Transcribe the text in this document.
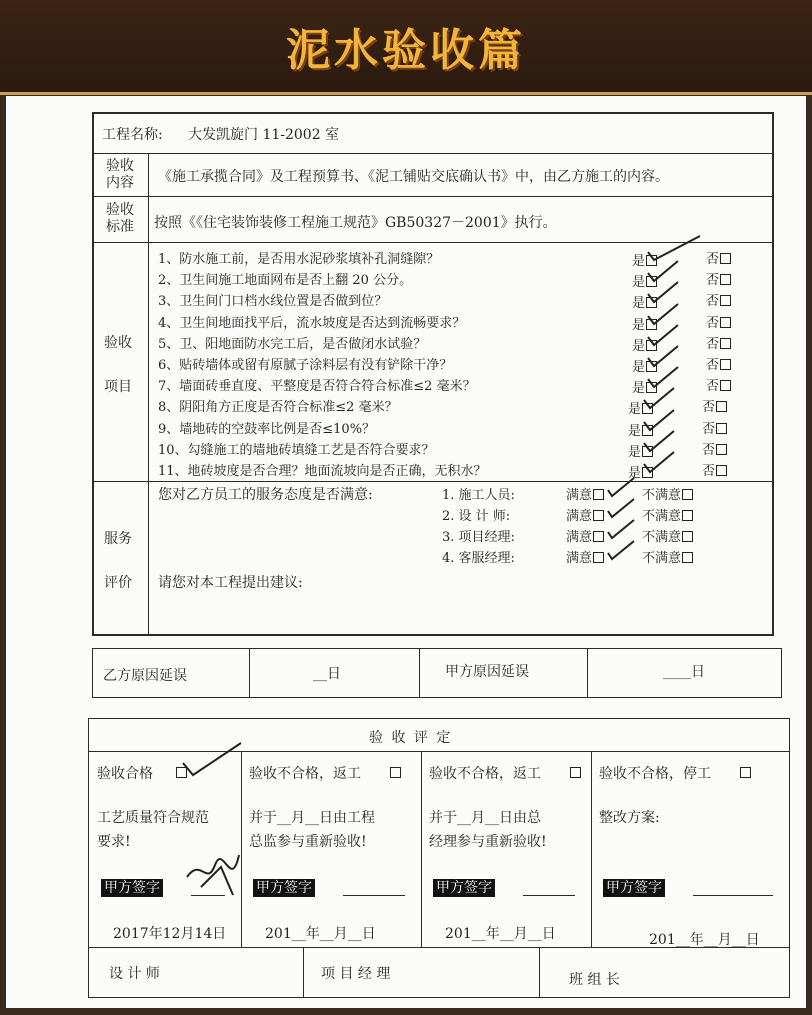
泥水验收篇
工程名称: 大发凯旋门 11-2002 室
验收
内容 《施工承揽合同》及工程预算书、《泥工铺贴交底确认书》中，由乙方施工的内容。
验收
标准 按照《《住宅装饰装修工程施工规范》GB50327－2001》执行。
验收
项目
1、防水施工前，是否用水泥砂浆填补孔洞缝隙？	是	否
2、卫生间施工地面网布是否上翻 20 公分。	是	否
3、卫生间门口档水线位置是否做到位？	是	否
4、卫生间地面找平后，流水坡度是否达到流畅要求？	是	否
5、卫、阳地面防水完工后，是否做闭水试验？	是	否
6、贴砖墙体或留有原腻子涂料层有没有铲除干净？	是	否
7、墙面砖垂直度、平整度是否符合符合标准≤2 毫米？	是	否
8、阴阳角方正度是否符合标准≤2 毫米？	是	否
9、墙地砖的空鼓率比例是否≤10%？	是	否
10、勾缝施工的墙地砖填缝工艺是否符合要求？	是	否
11、地砖坡度是否合理？地面流坡向是否正确，无积水？	是	否
服务
评价
您对乙方员工的服务态度是否满意:	1. 施工人员:	满意	不满意
2. 设 计 师:	满意	不满意
3. 项目经理:	满意	不满意
4. 客服经理:	满意	不满意
请您对本工程提出建议:
乙方原因延误	__日	甲方原因延误	____日
验 收 评 定
验收合格
工艺质量符合规范
要求!
甲方签字
2017年12月14日
验收不合格，返工
并于__月__日由工程
总监参与重新验收!
甲方签字
201__年__月__日
验收不合格，返工
并于__月__日由总
经理参与重新验收!
甲方签字
201__年__月__日
验收不合格，停工
整改方案:
甲方签字
201__年__月__日
设 计 师	项 目 经 理	班 组 长
